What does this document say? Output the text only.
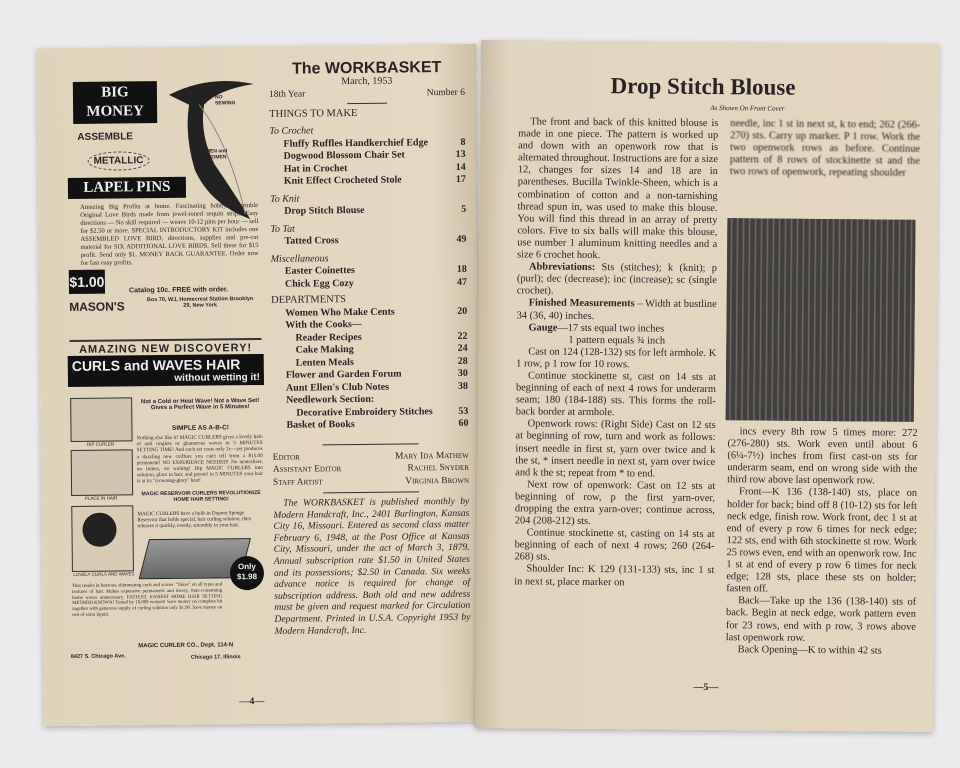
BIG MONEY
ASSEMBLE
METALLIC
LAPEL PINS
NO SEWING
MEN and WOMEN
Amazing Big Profits at home. Fascinating hobby. Assemble Original Love Birds made from jewel-toned sequin strips. Easy directions — No skill required — weave 10-12 pins per hour — sell for $2.50 or more. SPECIAL INTRODUCTORY KIT includes one ASSEMBLED LOVE BIRD, directions, supplies and pre-cut material for SIX ADDITIONAL LOVE BIRDS. Sell these for $15 profit. Send only $1. MONEY BACK GUARANTEE. Order now for fast easy profits.
$1.00
Catalog 10c. FREE with order.
MASON'S	Box 70, WJ, Homecrest Station Brooklyn 29, New York
AMAZING NEW DISCOVERY!
CURLS and WAVES HAIR
without wetting it!
DIP CURLER
PLACE IN HAIR
LOVELY CURLS AND WAVES
Not a Cold or Heat Wave! Not a Wave Set! Gives a Perfect Wave in 5 Minutes!
SIMPLE AS A-B-C!
Nothing else like it! MAGIC CURLERS gives a lovely halo of soft ringlets or glamorous waves in 5 MINUTES SETTING TIME! And each set costs only 2c—yet produces a dazzling new coiffure you can't tell from a $15.00 permanent! NO EXPERIENCE NEEDED! No neutralizer, no fumes, no waiting! Dip MAGIC CURLERS into solution, place in hair, and presto! in 5 MINUTES your hair is at its "crowning-glory" best!
MAGIC RESERVOIR CURLERS REVOLUTIONIZE HOME HAIR SETTING!
MAGIC CURLERS have a built-in Dupont Sponge Reservoir that holds special, hair curling solution, then releases it quickly, evenly, smoothly in your hair.
Only $1.98
That results in lustrous, shimmering curls and waves. "Takes" on all types and textures of hair. Makes expensive permanents and messy, time-consuming home waves unnecessary. FASTEST, EASIEST HOME HAIR SETTING METHOD KNOWN! Tested by 10,000 women! Save money on complete kit together with generous supply of curling solution only $1.98. Save money on rest of extra liquid.
MAGIC CURLER CO., Dept. 114-N
8427 S. Chicago Ave.	Chicago 17, Illinois
The WORKBASKET
March, 1953
18th Year	Number 6
THINGS TO MAKE
To Crochet
Fluffy Ruffles Handkerchief Edge	8
Dogwood Blossom Chair Set	13
Hat in Crochet	14
Knit Effect Crocheted Stole	17
To Knit
Drop Stitch Blouse	5
To Tat
Tatted Cross	49
Miscellaneous
Easter Coinettes	18
Chick Egg Cozy	47
DEPARTMENTS
Women Who Make Cents	20
With the Cooks—
Reader Recipes	22
Cake Making	24
Lenten Meals	28
Flower and Garden Forum	30
Aunt Ellen's Club Notes	38
Needlework Section:
Decorative Embroidery Stitches	53
Basket of Books	60
Editor	Mary Ida Mathew
Assistant Editor	Rachel Snyder
Staff Artist	Virginia Brown
The WORKBASKET is published monthly by Modern Handcraft, Inc., 2401 Burlington, Kansas City 16, Missouri. Entered as second class matter February 6, 1948, at the Post Office at Kansas City, Missouri, under the act of March 3, 1879. Annual subscription rate $1.50 in United States and its possessions; $2.50 in Canada. Six weeks advance notice is required for change of subscription address. Both old and new address must be given and request marked for Circulation Department. Printed in U.S.A. Copyright 1953 by Modern Handcraft, Inc.
—4—
Drop Stitch Blouse
As Shown On Front Cover

The front and back of this knitted blouse is made in one piece. The pattern is worked up and down with an openwork row that is alternated throughout. Instructions are for a size 12, changes for sizes 14 and 18 are in parentheses. Bucilla Twinkle-Sheen, which is a combination of cotton and a non-tarnishing thread spun in, was used to make this blouse. You will find this thread in an array of pretty colors. Five to six balls will make this blouse, use number 1 aluminum knitting needles and a size 6 crochet hook.

Abbreviations: Sts (stitches); k (knit); p (purl); dec (decrease); inc (increase); sc (single crochet).

Finished Measurements – Width at bustline 34 (36, 40) inches.

Gauge—17 sts equal two inches

1 pattern equals ¾ inch

Cast on 124 (128-132) sts for left armhole. K 1 row, p 1 row for 10 rows.

Continue stockinette st, cast on 14 sts at beginning of each of next 4 rows for underarm seam; 180 (184-188) sts. This forms the roll-back border at armhole.

Openwork rows: (Right Side) Cast on 12 sts at beginning of row, turn and work as follows: insert needle in first st, yarn over twice and k the st, * insert needle in next st, yarn over twice and k the st; repeat from * to end.

Next row of openwork: Cast on 12 sts at beginning of row, p the first yarn-over, dropping the extra yarn-over; continue across, 204 (208-212) sts.

Continue stockinette st, casting on 14 sts at beginning of each of next 4 rows; 260 (264-268) sts.

Shoulder Inc: K 129 (131-133) sts, inc 1 st in next st, place marker on

needle, inc 1 st in next st, k to end; 262 (266-270) sts. Carry up marker. P 1 row. Work the two openwork rows as before. Continue pattern of 8 rows of stockinette st and the two rows of openwork, repeating shoulder

incs every 8th row 5 times more: 272 (276-280) sts. Work even until about 6 (6¼-7½) inches from first cast-on sts for underarm seam, end on wrong side with the third row above last openwork row.

Front—K 136 (138-140) sts, place on holder for back; bind off 8 (10-12) sts for left neck edge, finish row. Work front, dec 1 st at end of every p row 6 times for neck edge; 122 sts, end with 6th stockinette st row. Work 25 rows even, end with an openwork row. Inc 1 st at end of every p row 6 times for neck edge; 128 sts, place these sts on holder; fasten off.

Back—Take up the 136 (138-140) sts of back. Begin at neck edge, work pattern even for 23 rows, end with p row, 3 rows above last openwork row.

Back Opening—K to within 42 sts

—5—
